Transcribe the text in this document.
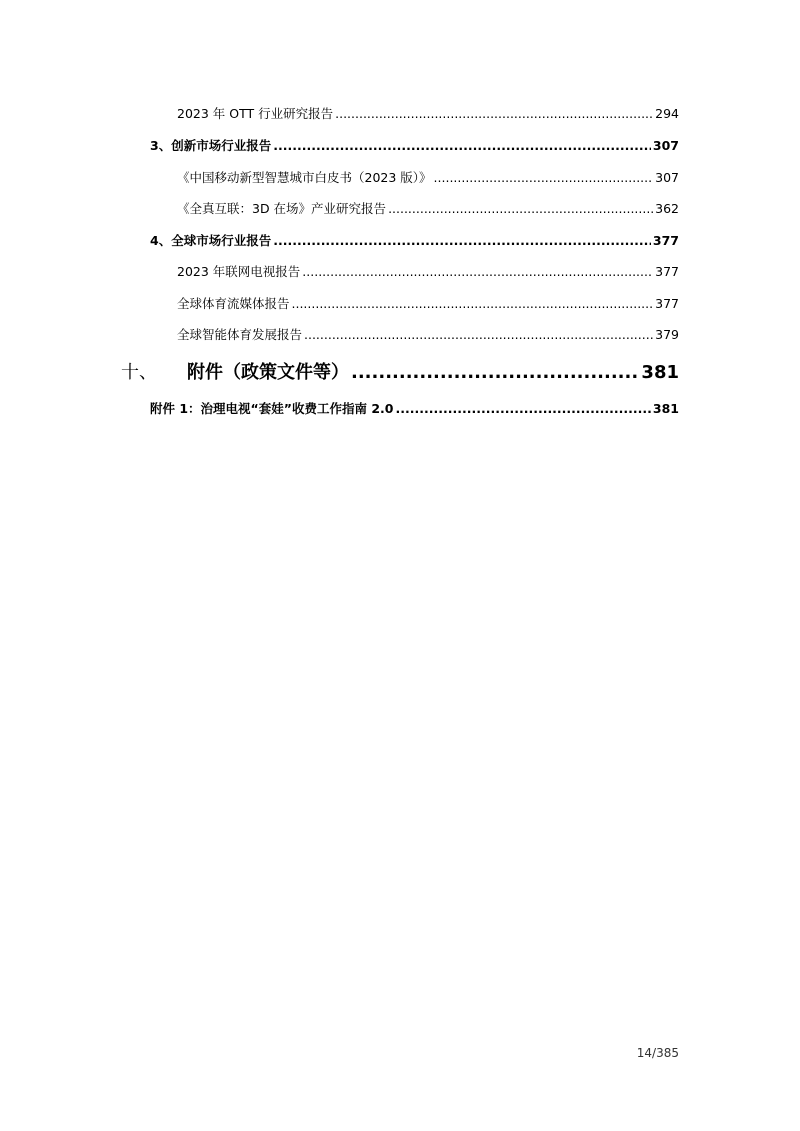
2023 年 OTT 行业研究报告 .....	294
3、创新市场行业报告 .....	307
《中国移动新型智慧城市白皮书（2023 版）》 .....	307
《全真互联：3D 在场》产业研究报告 .....	362
4、全球市场行业报告 .....	377
2023 年联网电视报告 .....	377
全球体育流媒体报告 .....	377
全球智能体育发展报告 .....	379
十、 附件（政策文件等） .....	381
附件 1：治理电视“套娃”收费工作指南 2.0 .....	381
14/385
